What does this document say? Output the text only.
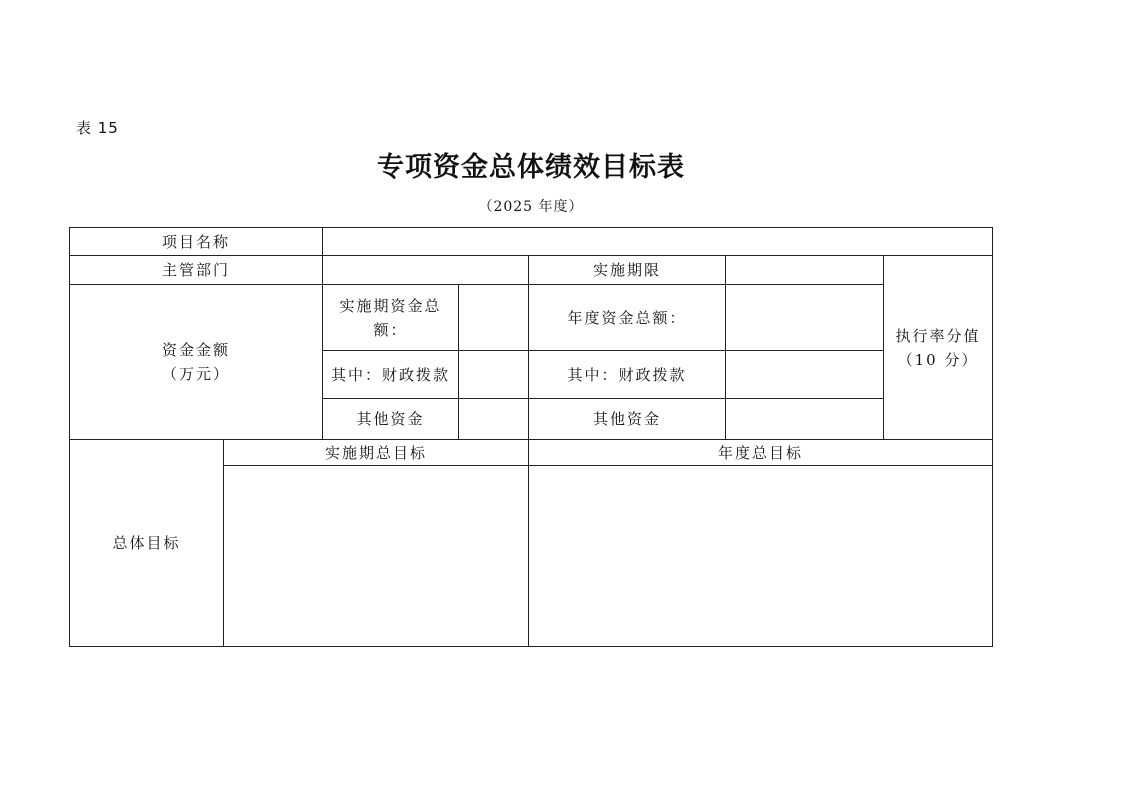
表 15
专项资金总体绩效目标表
（2025 年度）
项目名称						
主管部门				实施期限		执行率分值
（10 分）

资金金额
（万元）		实施期资金总额：		年度资金总额：		
		其中：财政拨款		其中：财政拨款		
		其他资金		其他资金		
总体目标	实施期总目标			年度总目标		
